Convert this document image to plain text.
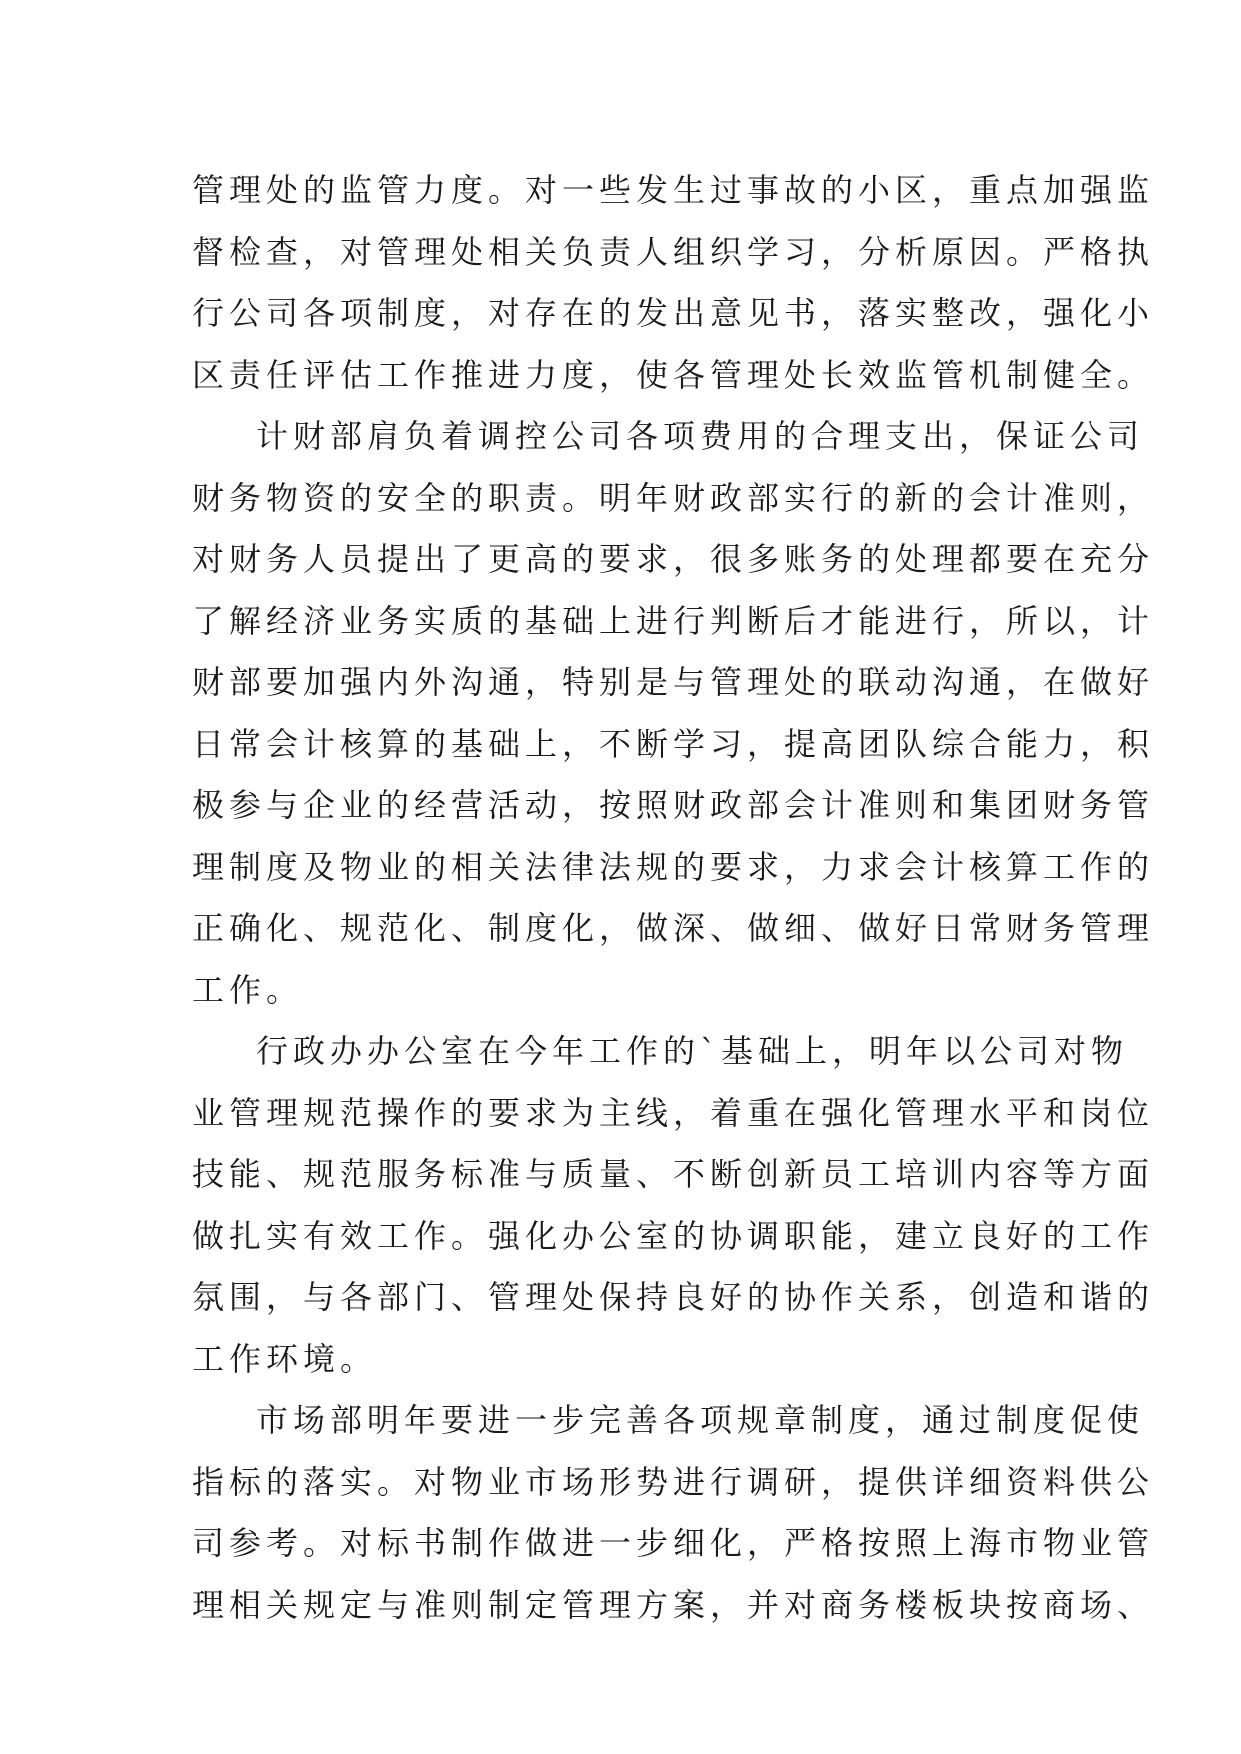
管理处的监管力度。对一些发生过事故的小区，重点加强监
督检查，对管理处相关负责人组织学习，分析原因。严格执
行公司各项制度，对存在的发出意见书，落实整改，强化小
区责任评估工作推进力度，使各管理处长效监管机制健全。
计财部肩负着调控公司各项费用的合理支出，保证公司
财务物资的安全的职责。明年财政部实行的新的会计准则，
对财务人员提出了更高的要求，很多账务的处理都要在充分
了解经济业务实质的基础上进行判断后才能进行，所以，计
财部要加强内外沟通，特别是与管理处的联动沟通，在做好
日常会计核算的基础上，不断学习，提高团队综合能力，积
极参与企业的经营活动，按照财政部会计准则和集团财务管
理制度及物业的相关法律法规的要求，力求会计核算工作的
正确化、规范化、制度化，做深、做细、做好日常财务管理
工作。
行政办办公室在今年工作的`基础上，明年以公司对物
业管理规范操作的要求为主线，着重在强化管理水平和岗位
技能、规范服务标准与质量、不断创新员工培训内容等方面
做扎实有效工作。强化办公室的协调职能，建立良好的工作
氛围，与各部门、管理处保持良好的协作关系，创造和谐的
工作环境。
市场部明年要进一步完善各项规章制度，通过制度促使
指标的落实。对物业市场形势进行调研，提供详细资料供公
司参考。对标书制作做进一步细化，严格按照上海市物业管
理相关规定与准则制定管理方案，并对商务楼板块按商场、
